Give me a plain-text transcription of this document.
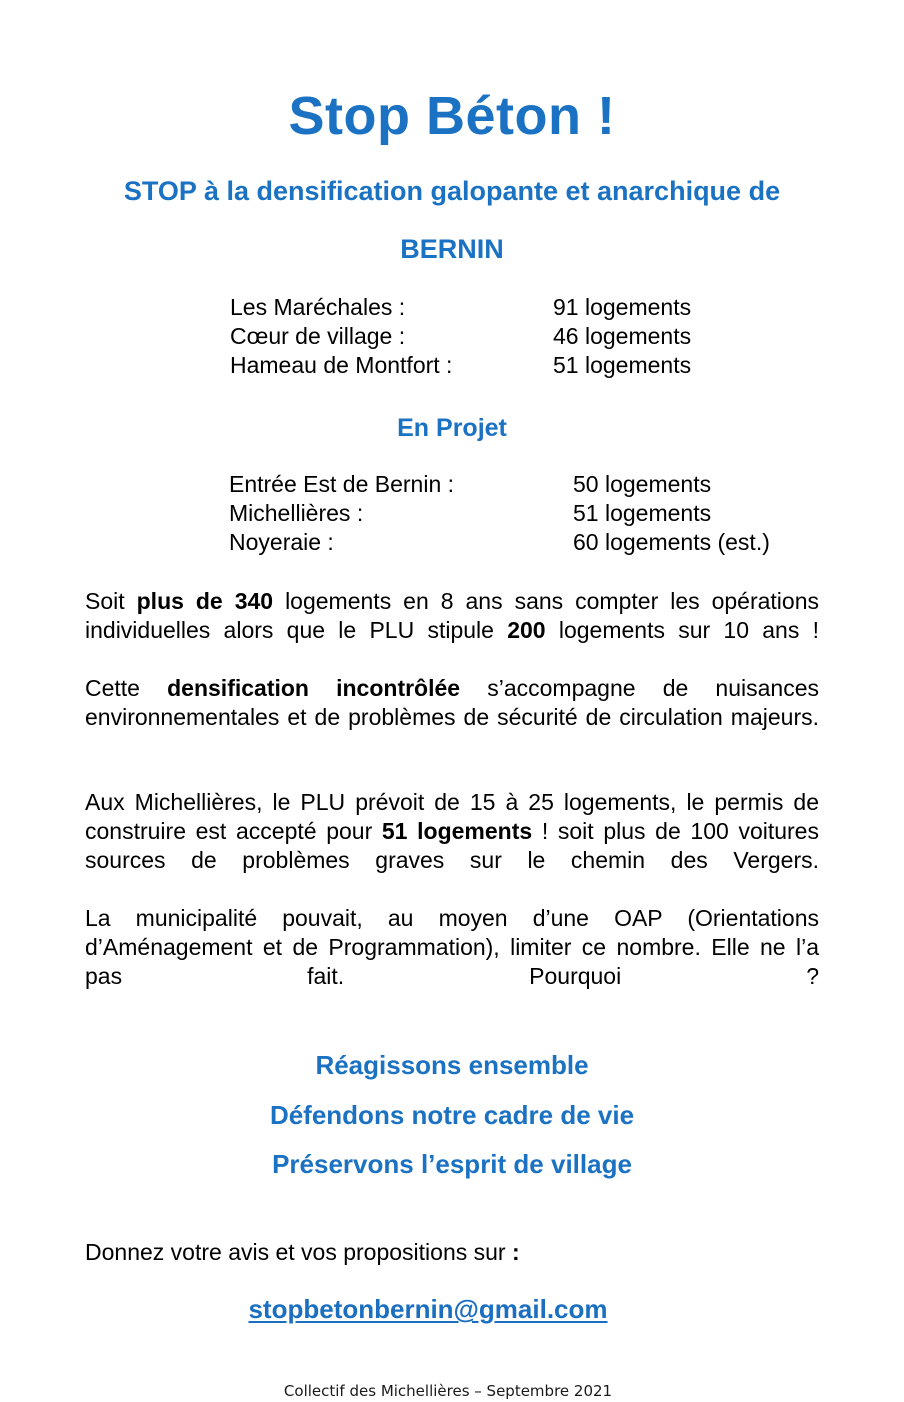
Stop Béton !
STOP à la densification galopante et anarchique de
BERNIN
Les Maréchales :	91 logements
Cœur de village :	46 logements
Hameau de Montfort :	51 logements
En Projet
Entrée Est de Bernin :	50 logements
Michellières :	51 logements
Noyeraie :	60 logements (est.)

Soit plus de 340 logements en 8 ans sans compter les opérations individuelles alors que le PLU stipule 200 logements sur 10 ans !

Cette densification incontrôlée s’accompagne de nuisances environnementales et de problèmes de sécurité de circulation majeurs.

Aux Michellières, le PLU prévoit de 15 à 25 logements, le permis de construire est accepté pour 51 logements ! soit plus de 100 voitures sources de problèmes graves sur le chemin des Vergers.

La municipalité pouvait, au moyen d’une OAP (Orientations d’Aménagement et de Programmation), limiter ce nombre. Elle ne l’a pas fait. Pourquoi ?

Réagissons ensemble

Défendons notre cadre de vie

Préservons l’esprit de village

Donnez votre avis et vos propositions sur :

stopbetonbernin@gmail.com

Collectif des Michellières – Septembre 2021
